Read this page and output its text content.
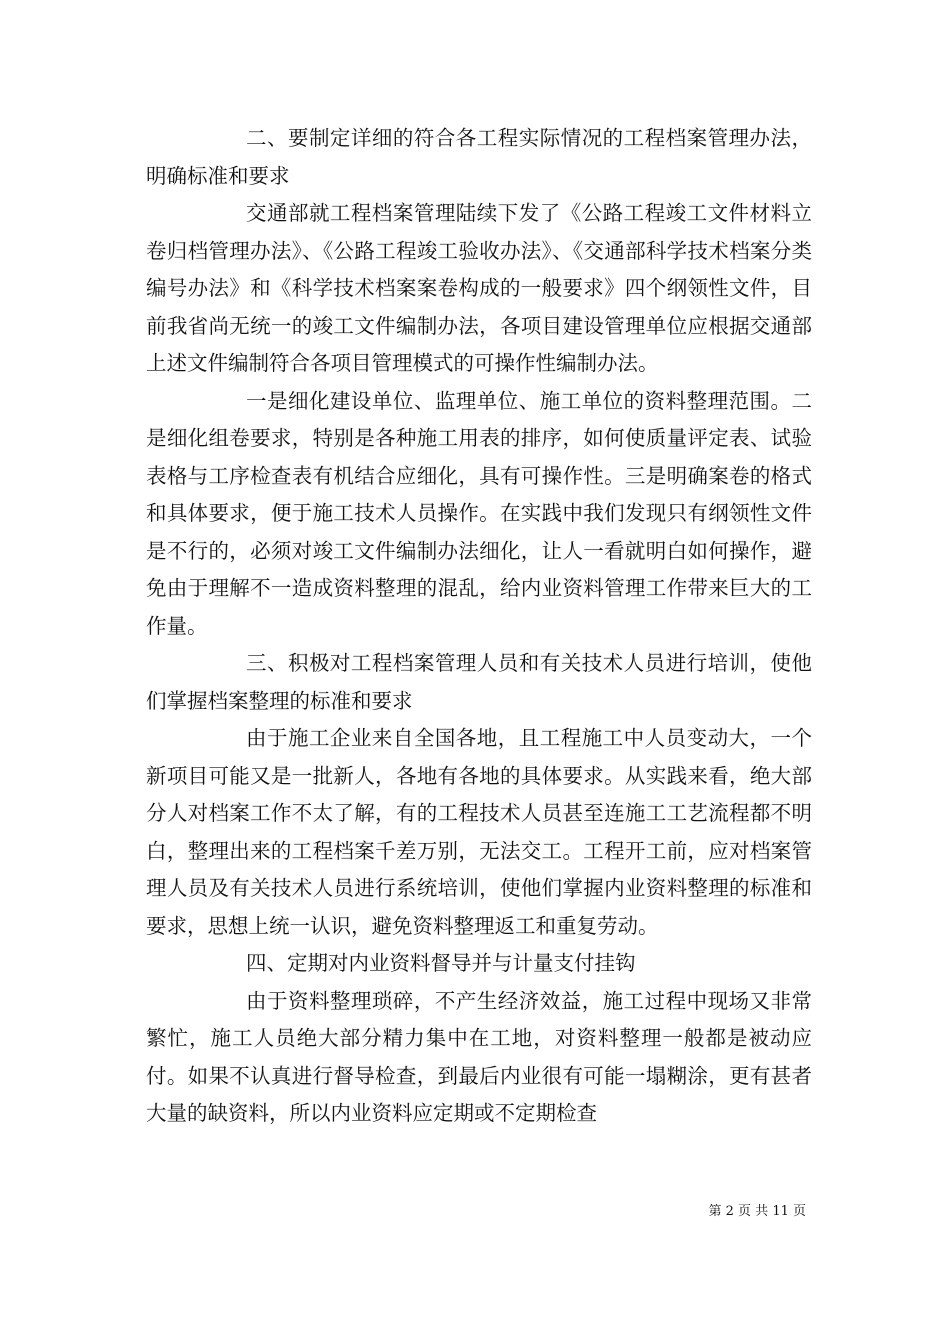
二、要制定详细的符合各工程实际情况的工程档案管理办法，明确标准和要求

交通部就工程档案管理陆续下发了《公路工程竣工文件材料立卷归档管理办法》、《公路工程竣工验收办法》、《交通部科学技术档案分类编号办法》和《科学技术档案案卷构成的一般要求》四个纲领性文件，目前我省尚无统一的竣工文件编制办法，各项目建设管理单位应根据交通部上述文件编制符合各项目管理模式的可操作性编制办法。

一是细化建设单位、监理单位、施工单位的资料整理范围。二是细化组卷要求，特别是各种施工用表的排序，如何使质量评定表、试验表格与工序检查表有机结合应细化，具有可操作性。三是明确案卷的格式和具体要求，便于施工技术人员操作。在实践中我们发现只有纲领性文件是不行的，必须对竣工文件编制办法细化，让人一看就明白如何操作，避免由于理解不一造成资料整理的混乱，给内业资料管理工作带来巨大的工作量。

三、积极对工程档案管理人员和有关技术人员进行培训，使他们掌握档案整理的标准和要求

由于施工企业来自全国各地，且工程施工中人员变动大，一个新项目可能又是一批新人，各地有各地的具体要求。从实践来看，绝大部分人对档案工作不太了解，有的工程技术人员甚至连施工工艺流程都不明白，整理出来的工程档案千差万别，无法交工。工程开工前，应对档案管理人员及有关技术人员进行系统培训，使他们掌握内业资料整理的标准和要求，思想上统一认识，避免资料整理返工和重复劳动。

四、定期对内业资料督导并与计量支付挂钩

由于资料整理琐碎，不产生经济效益，施工过程中现场又非常繁忙，施工人员绝大部分精力集中在工地，对资料整理一般都是被动应付。如果不认真进行督导检查，到最后内业很有可能一塌糊涂，更有甚者大量的缺资料，所以内业资料应定期或不定期检查

第 2 页 共 11 页
